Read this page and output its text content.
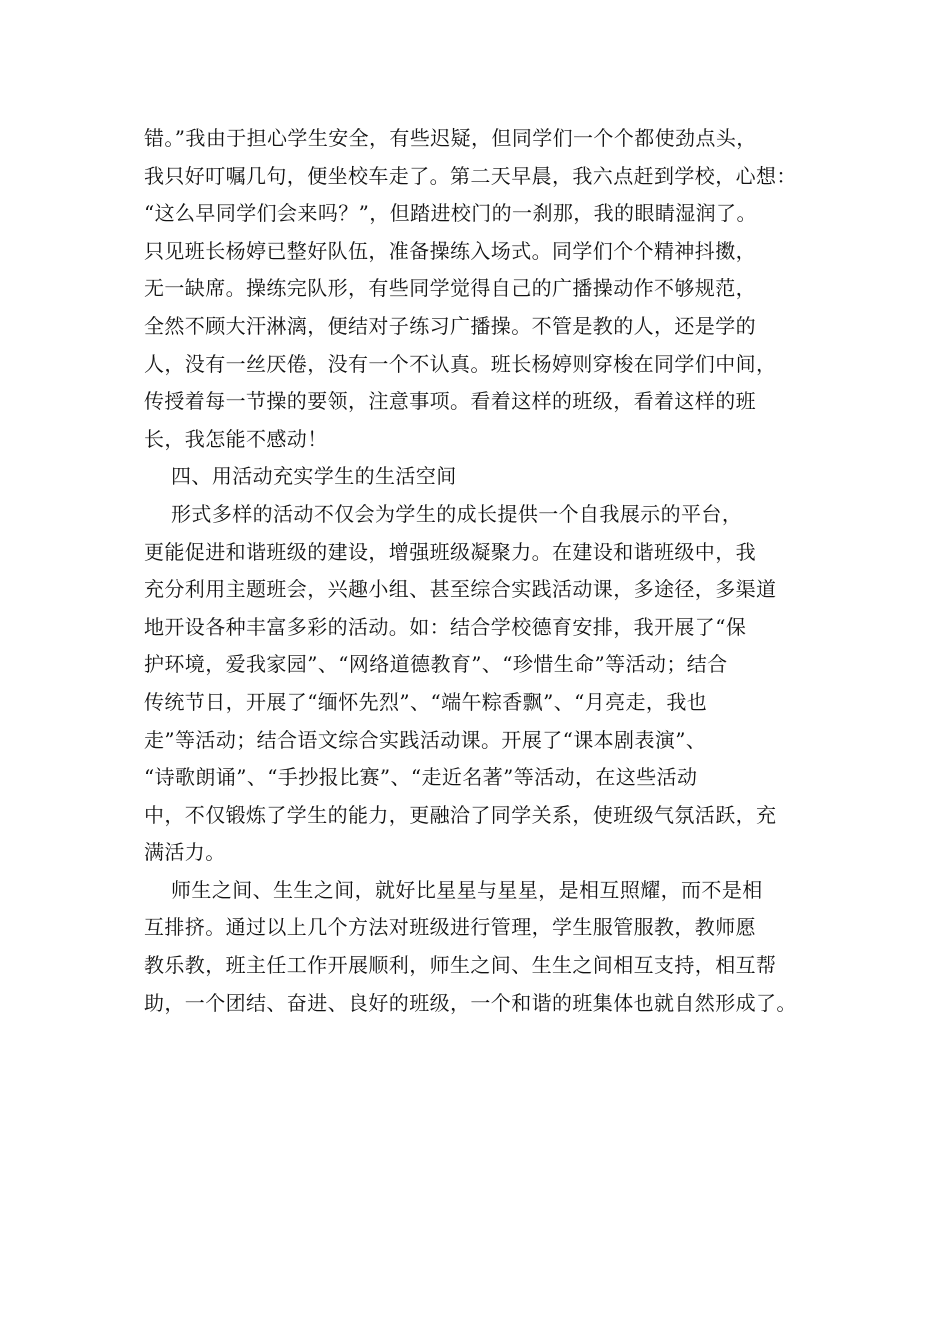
错。”我由于担心学生安全，有些迟疑，但同学们一个个都使劲点头，
我只好叮嘱几句，便坐校车走了。第二天早晨，我六点赶到学校，心想：
“这么早同学们会来吗？”，但踏进校门的一刹那，我的眼睛湿润了。
只见班长杨婷已整好队伍，准备操练入场式。同学们个个精神抖擞，
无一缺席。操练完队形，有些同学觉得自己的广播操动作不够规范，
全然不顾大汗淋漓，便结对子练习广播操。不管是教的人，还是学的
人，没有一丝厌倦，没有一个不认真。班长杨婷则穿梭在同学们中间，
传授着每一节操的要领，注意事项。看着这样的班级，看着这样的班
长，我怎能不感动！
四、用活动充实学生的生活空间
形式多样的活动不仅会为学生的成长提供一个自我展示的平台，
更能促进和谐班级的建设，增强班级凝聚力。在建设和谐班级中，我
充分利用主题班会，兴趣小组、甚至综合实践活动课，多途径，多渠道
地开设各种丰富多彩的活动。如：结合学校德育安排，我开展了“保
护环境，爱我家园”、“网络道德教育”、“珍惜生命”等活动；结合
传统节日，开展了“缅怀先烈”、“端午粽香飘”、“月亮走，我也
走”等活动；结合语文综合实践活动课。开展了“课本剧表演”、
“诗歌朗诵”、“手抄报比赛”、“走近名著”等活动，在这些活动
中，不仅锻炼了学生的能力，更融洽了同学关系，使班级气氛活跃，充
满活力。
师生之间、生生之间，就好比星星与星星，是相互照耀，而不是相
互排挤。通过以上几个方法对班级进行管理，学生服管服教，教师愿
教乐教，班主任工作开展顺利，师生之间、生生之间相互支持，相互帮
助，一个团结、奋进、良好的班级，一个和谐的班集体也就自然形成了。
